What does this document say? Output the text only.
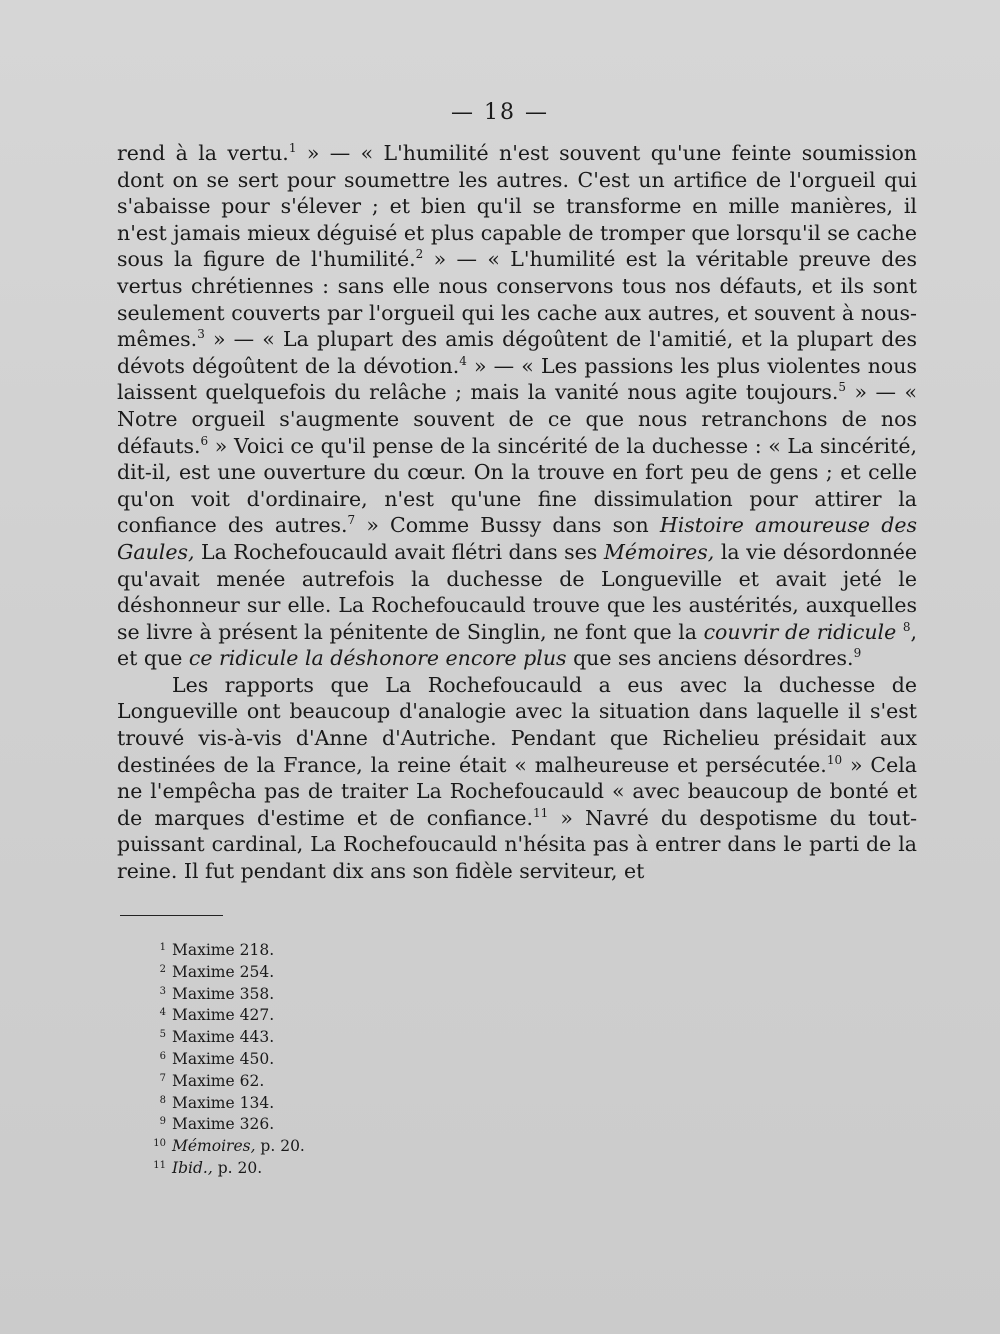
— 18 —

rend à la vertu.$^1$ » — « L'humilité n'est souvent qu'une feinte soumission dont on se sert pour soumettre les autres. C'est un artifice de l'orgueil qui s'abaisse pour s'élever ; et bien qu'il se transforme en mille manières, il n'est jamais mieux déguisé et plus capable de tromper que lorsqu'il se cache sous la figure de l'humilité.$^2$ » — « L'humilité est la véritable preuve des vertus chrétiennes : sans elle nous conservons tous nos défauts, et ils sont seulement couverts par l'orgueil qui les cache aux autres, et souvent à nous-mêmes.$^3$ » — « La plupart des amis dégoûtent de l'amitié, et la plupart des dévots dégoûtent de la dévotion.$^4$ » — « Les passions les plus violentes nous laissent quelquefois du relâche ; mais la vanité nous agite toujours.$^5$ » — « Notre orgueil s'augmente souvent de ce que nous retranchons de nos défauts.$^6$ » Voici ce qu'il pense de la sincérité de la duchesse : « La sincérité, dit-il, est une ouverture du cœur. On la trouve en fort peu de gens ; et celle qu'on voit d'ordinaire, n'est qu'une fine dissimulation pour attirer la confiance des autres.$^7$ » Comme Bussy dans son Histoire amoureuse des Gaules, La Rochefoucauld avait flétri dans ses Mémoires, la vie désordonnée qu'avait menée autrefois la duchesse de Longueville et avait jeté le déshonneur sur elle. La Rochefoucauld trouve que les austérités, auxquelles se livre à présent la pénitente de Singlin, ne font que la couvrir de ridicule $^8$, et que ce ridicule la déshonore encore plus que ses anciens désordres.$^9$

Les rapports que La Rochefoucauld a eus avec la duchesse de Longueville ont beaucoup d'analogie avec la situation dans laquelle il s'est trouvé vis-à-vis d'Anne d'Autriche. Pendant que Richelieu présidait aux destinées de la France, la reine était « malheureuse et persécutée.$^{10}$ » Cela ne l'empêcha pas de traiter La Rochefoucauld « avec beaucoup de bonté et de marques d'estime et de confiance.$^{11}$ » Navré du despotisme du tout-puissant cardinal, La Rochefoucauld n'hésita pas à entrer dans le parti de la reine. Il fut pendant dix ans son fidèle serviteur, et

1 Maxime 218.
2 Maxime 254.
3 Maxime 358.
4 Maxime 427.
5 Maxime 443.
6 Maxime 450.
7 Maxime 62.
8 Maxime 134.
9 Maxime 326.
10 Mémoires, p. 20.
11 Ibid., p. 20.
